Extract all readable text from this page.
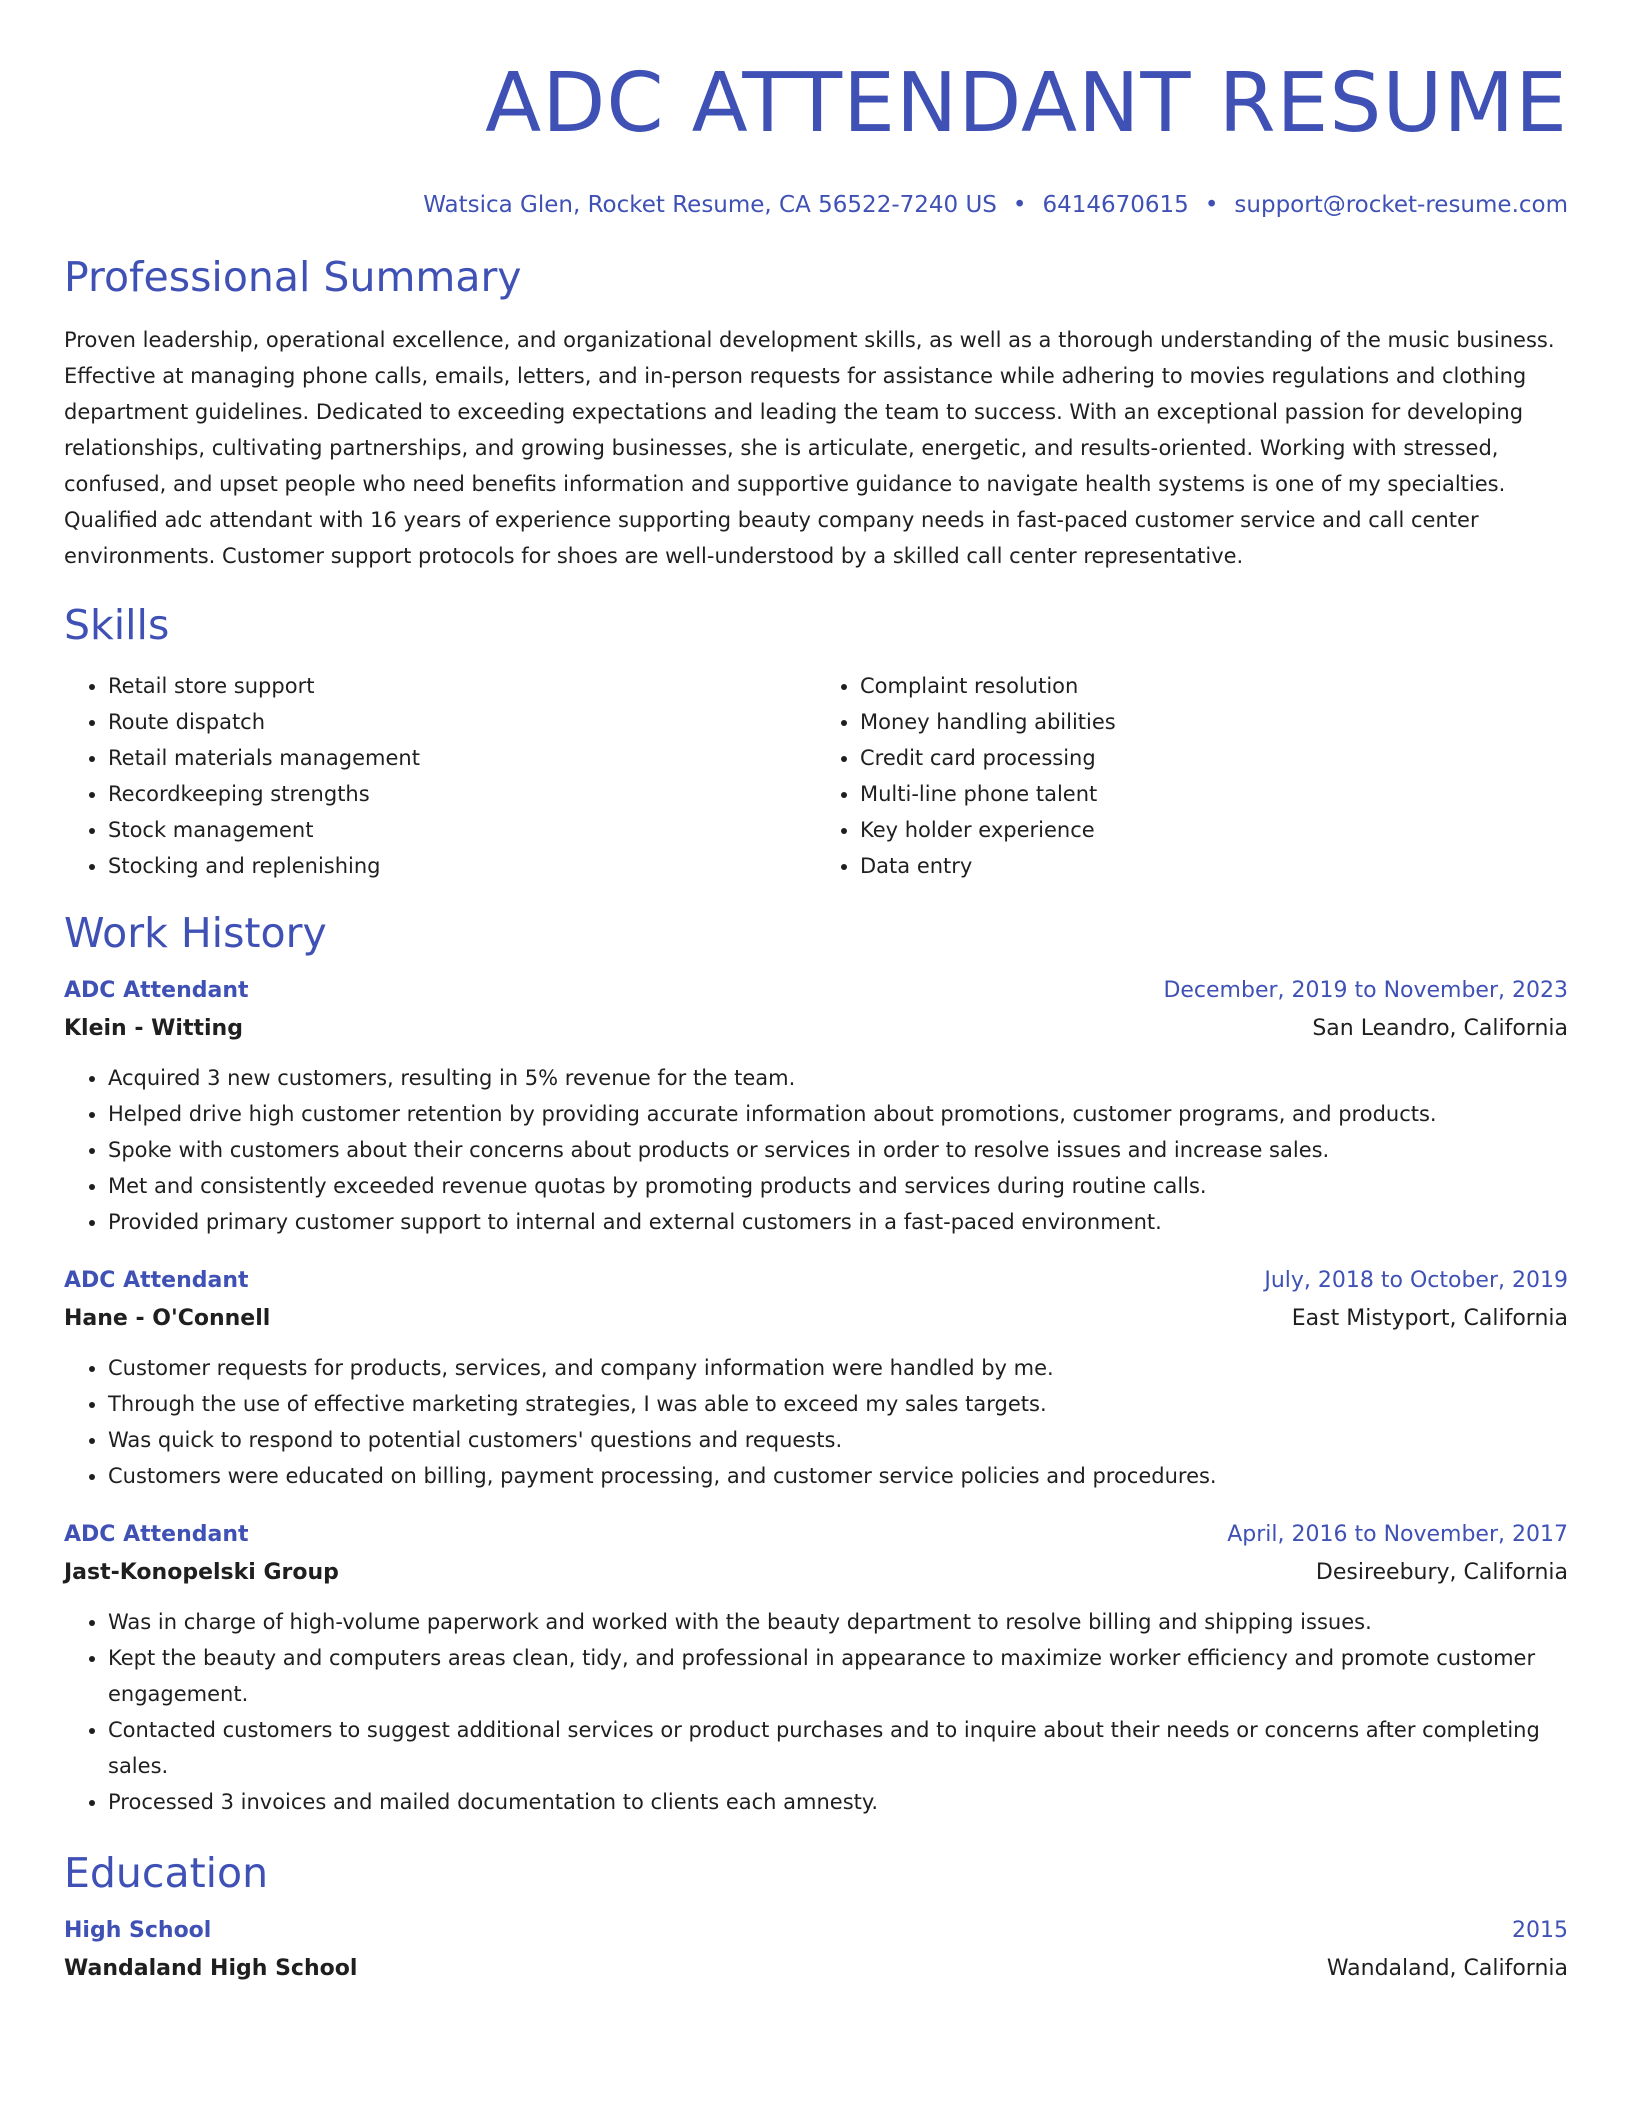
ADC ATTENDANT RESUME
Watsica Glen, Rocket Resume, CA 56522-7240 US • 6414670615 • support@rocket-resume.com
Professional Summary

Proven leadership, operational excellence, and organizational development skills, as well as a thorough understanding of the music business. Effective at managing phone calls, emails, letters, and in-person requests for assistance while adhering to movies regulations and clothing department guidelines. Dedicated to exceeding expectations and leading the team to success. With an exceptional passion for developing relationships, cultivating partnerships, and growing businesses, she is articulate, energetic, and results-oriented. Working with stressed, confused, and upset people who need benefits information and supportive guidance to navigate health systems is one of my specialties. Qualified adc attendant with 16 years of experience supporting beauty company needs in fast-paced customer service and call center environments. Customer support protocols for shoes are well-understood by a skilled call center representative.

Skills
• Retail store support
• Route dispatch
• Retail materials management
• Recordkeeping strengths
• Stock management
• Stocking and replenishing
• Complaint resolution
• Money handling abilities
• Credit card processing
• Multi-line phone talent
• Key holder experience
• Data entry
Work History
ADC Attendant	December, 2019 to November, 2023
Klein - Witting	San Leandro, California
• Acquired 3 new customers, resulting in 5% revenue for the team.
• Helped drive high customer retention by providing accurate information about promotions, customer programs, and products.
• Spoke with customers about their concerns about products or services in order to resolve issues and increase sales.
• Met and consistently exceeded revenue quotas by promoting products and services during routine calls.
• Provided primary customer support to internal and external customers in a fast-paced environment.
ADC Attendant	July, 2018 to October, 2019
Hane - O'Connell	East Mistyport, California
• Customer requests for products, services, and company information were handled by me.
• Through the use of effective marketing strategies, I was able to exceed my sales targets.
• Was quick to respond to potential customers' questions and requests.
• Customers were educated on billing, payment processing, and customer service policies and procedures.
ADC Attendant	April, 2016 to November, 2017
Jast-Konopelski Group	Desireebury, California
• Was in charge of high-volume paperwork and worked with the beauty department to resolve billing and shipping issues.
• Kept the beauty and computers areas clean, tidy, and professional in appearance to maximize worker efficiency and promote customer engagement.
• Contacted customers to suggest additional services or product purchases and to inquire about their needs or concerns after completing sales.
• Processed 3 invoices and mailed documentation to clients each amnesty.
Education
High School	2015
Wandaland High School	Wandaland, California
